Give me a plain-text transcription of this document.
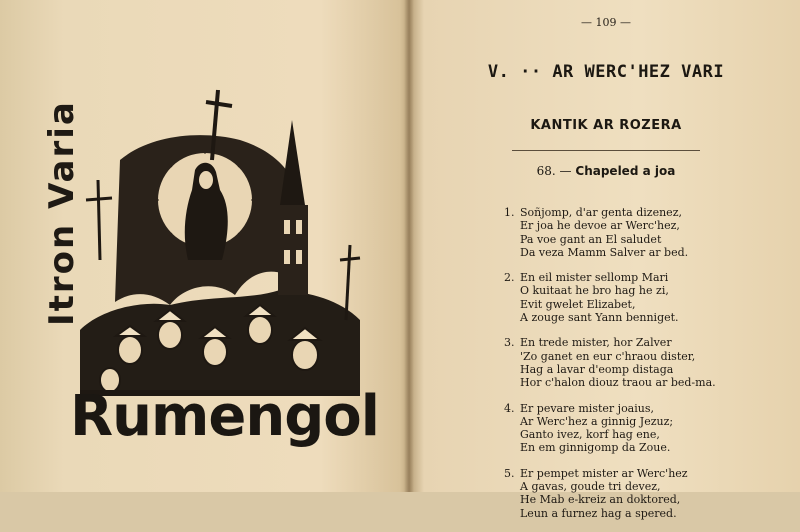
Itron Varia
Rumengol
— 109 —
V. ·· AR WERC'HEZ VARI
KANTIK AR ROZERA
68. — Chapeled a joa
1. Soñjomp, d'ar genta dizenez,
Er joa he devoe ar Werc'hez,
Pa voe gant an El saludet
Da veza Mamm Salver ar bed.
2. En eil mister sellomp Mari
O kuitaat he bro hag he zi,
Evit gwelet Elizabet,
A zouge sant Yann benniget.
3. En trede mister, hor Zalver
'Zo ganet en eur c'hraou dister,
Hag a lavar d'eomp distaga
Hor c'halon diouz traou ar bed-ma.
4. Er pevare mister joaius,
Ar Werc'hez a ginnig Jezuz;
Ganto ivez, korf hag ene,
En em ginnigomp da Zoue.
5. Er pempet mister ar Werc'hez
A gavas, goude tri devez,
He Mab e-kreiz an doktored,
Leun a furnez hag a spered.
